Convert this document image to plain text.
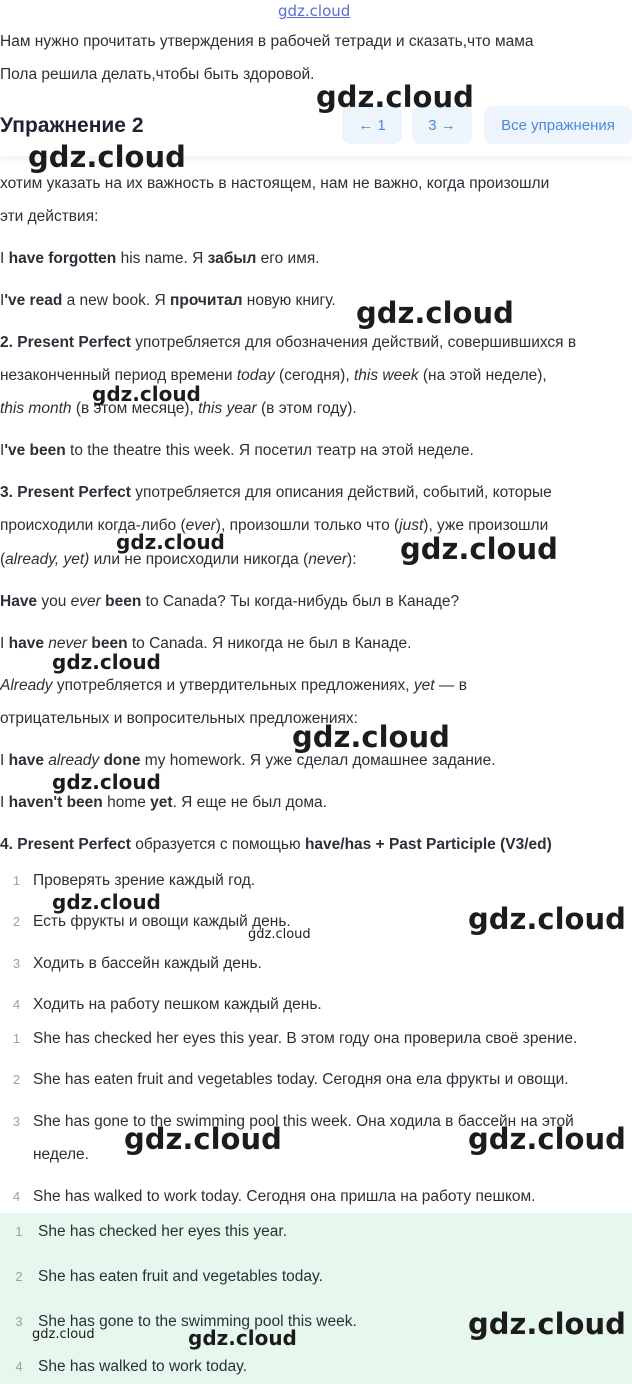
gdz.cloud
Нам нужно прочитать утверждения в рабочей тетради и сказать,что мама
Пола решила делать,чтобы быть здоровой.
Упражнение 2	← 1	3 →	Все упражнения
хотим указать на их важность в настоящем, нам не важно, когда произошли
эти действия:
I have forgotten his name. Я забыл его имя.
I've read a new book. Я прочитал новую книгу.
2. Present Perfect употребляется для обозначения действий, совершившихся в
незаконченный период времени today (сегодня), this week (на этой неделе),
this month (в этом месяце), this year (в этом году).
I've been to the theatre this week. Я посетил театр на этой неделе.
3. Present Perfect употребляется для описания действий, событий, которые
происходили когда-либо (ever), произошли только что (just), уже произошли
(already, yet) или не происходили никогда (never):
Have you ever been to Canada? Ты когда-нибудь был в Канаде?
I have never been to Canada. Я никогда не был в Канаде.
Already употребляется и утвердительных предложениях, yet — в
отрицательных и вопросительных предложениях:
I have already done my homework. Я уже сделал домашнее задание.
I haven't been home yet. Я еще не был дома.
4. Present Perfect образуется с помощью have/has + Past Participle (V3/ed)
1 Проверять зрение каждый год.
2 Есть фрукты и овощи каждый день.
3 Ходить в бассейн каждый день.
4 Ходить на работу пешком каждый день.
1 She has checked her eyes this year. В этом году она проверила своё зрение.
2 She has eaten fruit and vegetables today. Сегодня она ела фрукты и овощи.
3 She has gone to the swimming pool this week. Она ходила в бассейн на этой
неделе.
4 She has walked to work today. Сегодня она пришла на работу пешком.
1 She has checked her eyes this year.
2 She has eaten fruit and vegetables today.
3 She has gone to the swimming pool this week.
4 She has walked to work today.
gdz.cloud
gdz.cloud
gdz.cloud
gdz.cloud
gdz.cloud	gdz.cloud
gdz.cloud
gdz.cloud
gdz.cloud
gdz.cloud	gdz.cloud
gdz.cloud
gdz.cloud	gdz.cloud
gdz.cloud
gdz.cloud	gdz.cloud
